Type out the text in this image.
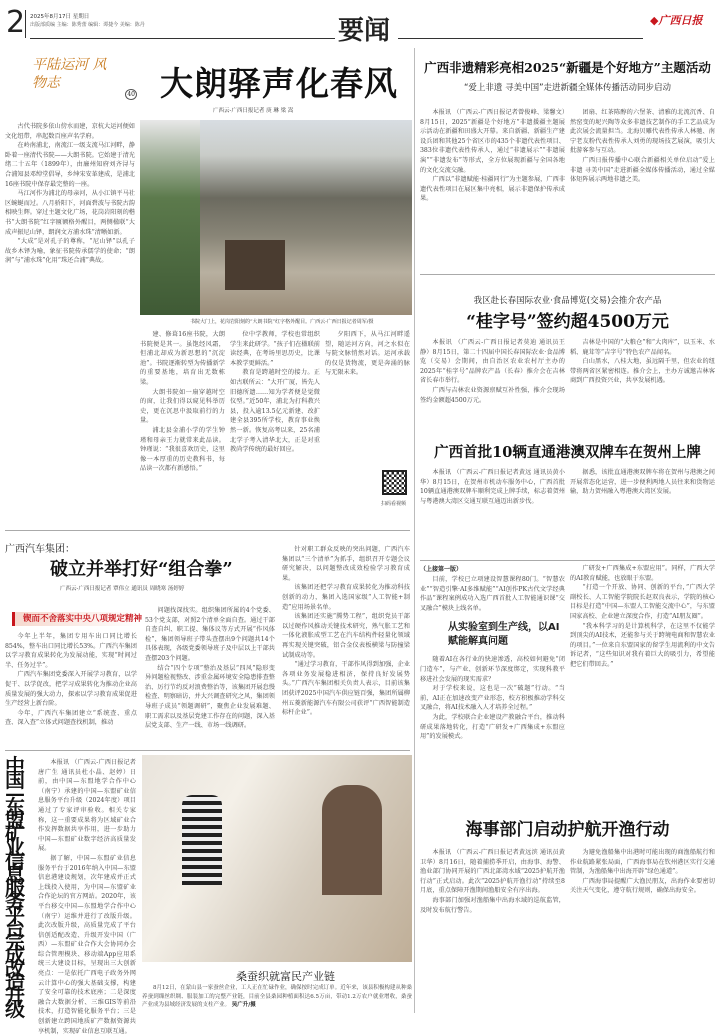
2 2025年8月17日 星期日
出版部质编 主编：陈秀蕾 编辑：谭捷今 美编：陈丹	要闻	◆广西日报
平陆运河 风物志
40 大朗驿声化春风
广西云-广西日报记者 庚 琳 梁 嵩

古代书院多依山傍水而建，京杭大运河便如文化纽带，串起数百座声名学府。

在岭南浦北，南流江一级支流马江河畔，静卧着一座清代书院——大朗书院。它始建于清光绪二十五年（1899年），由廉州知府刘齐浔与合浦知县邓绰堂倡导，乡绅宋安革建成，是浦北16座书院中保存最完整的一座。

马江河作为浦北的母亲河，从小江镇平马社区蜿蜒而过。八月骄阳下，河面碧波与书院古韵相映生辉。穿过主题文化广场，花岗岩阳刻的楷书“大朗书院”红字匾额格外醒目，两侧楹联“大成声振尼山铎，朗润文方浦水珠”清晰如新。

“大成”是对孔子的尊称，“尼山铎”以孔子故乡木铎为喻，象征书院传承儒学的使命；“朗润”与“浦水珠”化用“珠还合浦”典故。

书院大门上，花岗岩阳刻的“大朗书院”红字格外醒目。广西云-广西日报记者周军/摄

建、修葺16座书院，大朗书院便是其一。虽饱经风霜，但浦北却成为新思想的“沉淀池”。书院逐渐转型为传播新学的重要基地，培育出无数栋梁。

大朗书院如一扇穿越时空的窗，让我们得以窥见科举历史，更在沉思中汲取前行的力量。

浦北县金浦小学的学生钟瑾和母亲王力就常来此品读。钟瑾说：“我很喜欢历史，这里像一本厚重的历史教科书，每品读一次都有新感悟。”

位中学教师，学校也常组织学生来此研学。“孩子们在楹联前读经典，在考场里思历史，比课本教学更鲜活。”

教育是跨越时空的接力。正如古联所云：“大开广厦，皆先人旧德所遗……知为学者便是觉微仪型。”近50年，浦北为打科教兴县，投入逾13.5亿元新建、改扩建全县395所学校，教育事业焕然一新。恢复高考以来，25名浦北学子考入清华北大，正是对重教尚学传统的最好回应。

夕阳西下，从马江河畔遥望，随运河方向，河之水似在与院文脉悄然对话。运河承载的仅是货物流，更是奔涌的脉与无限未来。

扫码看视频
广西非遗精彩亮相2025“新疆是个好地方”主题活动
“爱上非遗 寻美中国”走进新疆全媒体传播活动同步启动

本报讯 （广西云-广西日报记者曾俊峰、梁馨文）8月15日，2025“新疆是个好地方”非遗援疆主题展示活动在新疆和田盛大开幕。来自新疆、新疆生产建设兵团和其他25个省区市的435个非遗代表性项目、383位非遗代表性传承人，通过“非遗展示”“非遗展演”“非遗发布”等形式，全方位展现新疆与全国各地的文化交流交融。

广西以“非遗赋能·桂疆同行”为主题参展，广西非遗代表性项目在展区集中亮相，展示非遗保护传承成果。

团扇、红茶陈醇的六堡茶、清雅的北流沉香、自然窑变的坭兴陶等众多非遗技艺制作的手工艺品成为此次展会流量担当。北海贝雕代表性传承人林驰、南宁老友粉代表性传承人刘勇的现场技艺展演，吸引大批游客参与互动。

广西日报传播中心联合新疆相关单位启动“爱上非遗 寻美中国”走进新疆全媒体传播活动，通过全媒体矩阵展示两地非遗之美。

我区赴长春国际农业·食品博览(交易)会推介农产品
“桂字号”签约超4500万元

本报讯 （广西云-广西日报记者莫迪 通讯员王静）8月15日，第二十四届中国长春国际农业·食品博览（交易）会期间，由自治区农业农村厅主办的2025年“桂字号”品牌农产品（长春）推介会在吉林省长春市举行。

广西与吉林农业资源禀赋互补性强，推介会现场签约金额超4500万元。

吉林是中国的“大粮仓”和“大肉库”，以玉米、水稻、鹿茸等“吉字号”特色农产品闻名。

白山黑水，八桂大地，虽远隔千里，但农业的纽带将两省区紧密相连。推介会上，主办方诚邀吉林客商到广西投资兴业，共享发展机遇。

广西首批10辆直通港澳双牌车在贺州上牌

本报讯 （广西云-广西日报记者黄远 通讯员黄小华）8月15日，在贺州市机动车服务中心，广西首批10辆直通港澳双牌车顺利完成上牌手续，标志着贺州与粤港澳大湾区交通互联互通迈出新步伐。

据悉，该批直通港澳双牌车将在贺州与港澳之间开展常态化运营，进一步便利两地人员往来和货物运输，助力贺州融入粤港澳大湾区发展。

（上接第一版）
目前，学校已立项建设智慧课程80门。“智慧农业”“智造引擎·AI多维赋能”“AI创作PK古代文学经典作品”课程案例成功入选广西首批人工智能通识课“交叉融合”模块上线名单。
从实验室到生产线，以AI赋能解真问题

随着AI在各行业的快速渗透，高校如何避免“闭门造车”，与产业、创新环节深度绑定，实现科教平移进社会发展的现实需求？

对于学校来说，这也是一次“破题”行动。“当前，AI正在加速改变产业形态，校方积极推动学科交叉融合，将AI技术融入人才培养全过程。”

为此，学校联合企业建设产教融合平台，推动科研成果落地转化，打造“广研发+广西集成+东盟应用”的发展模式。

广研发+广西集成+东盟应用”。同样，广西大学的AI教育赋能，也放眼于东盟。

“打造一个开放、协同、创新的平台，”广西大学副校长、人工智能学院院长赵双良表示，学院的核心目标是打造“中国—东盟人工智能交流中心”，与东盟国家高校、企业建立深度合作，打造“AI朋友圈”。

“我本科学习的是计算机科学，在这里不仅能学到顶尖的AI技术，还能参与关于跨境电商和智慧农业的项目。”一位来自东盟国家的留学生用流利的中文告诉记者，“这些知识对我有着巨大的吸引力，希望能把它们带回去。”

海事部门启动护航开渔行动

本报讯 （广西云-广西日报记者黄远滨 通讯员黄卫华）8月16日，随着捕捞季开启，由海事、海警、渔业部门协同开展的广西北部湾水域“2025护航开渔行动”正式启动。此次“2025护航开渔行动”持续至8月底，重点保障开渔期间渔船安全有序出海。

海事部门加强对渔船集中出海水域的巡航监管，及时发布航行警告。

为避免渔船集中出港时可能出现的商渔船航行和作业航路紧张局面，广西海事局在钦州港区实行交通管制，为渔船集中出海开辟“绿色通道”。

广西海事局提醒广大渔民朋友，出海作业要密切关注天气变化，遵守航行规则，确保出海安全。

广西汽车集团：
破立并举打好“组合拳”
广西云-广西日报记者 覃伟立 通讯员 周晓寒 汤婷婷
锲而不舍落实中央八项规定精神

今年上半年，集团专用车出口同比增长854%，整车出口同比增长53%。广西汽车集团以学习教育成果转化为发展动能，实现“时间过半、任务过半”。

广西汽车集团党委深入开展学习教育，以学促干、以学促改，把学习成果转化为推动企业高质量发展的强大动力，探索以学习教育成果促进生产经营上新台阶。

今年，广西汽车集团建立“系统查、重点查、深入查”立体式问题查找机制，推动

问题找深找实。组织集团所属的4个党委、53个党支部，对照2个清单全面自查。通过干部自查自纠、职工提、集体议等方式开展“作风体检”，集团领导班子带头查摆出9个问题共14个具体表现，各级党委领导班子及中层以上干部共查摆203个问题。

结合“四个专项”整治及基层“四风”隐形变异问题检视整改、涉重金属环境安全隐患排查整治、厉行节约反对浪费整治等，该集团开展怠慢检查、明察暗访，并大兴调查研究之风，集团领导班子成员“领题调研”，聚焦企业发展难题、职工需求以及基层党建工作存在的问题，深入基层党支部、生产一线、市场一线调研。

针对职工群众反映的突出问题，广西汽车集团以“三个清单”为抓手，组织召开专题会议研究解决，以问题整改成效检验学习教育成果。

该集团还把学习教育成果转化为推动科技创新的动力，集团入选国家级“人工智能+制造”应用场景名单。

该集团还实施“腾势工程”，组织党员干部以过硬作风推动关键技术研究，熟气胀工艺和一体化液胀成型工艺在汽车结构件轻量化领域再实现关键突破，铝合金仪表板横梁与防撞梁试制成功等。

“通过学习教育，干部作风得到加强，企业各项业务发展稳进相济，保持良好发展势头。”广西汽车集团相关负责人表示，目前该集团获评2025中国汽车供应链百强，集团所属柳州五菱新能源汽车有限公司获评“广西智能制造标杆企业”。

中国—东盟矿业信息服务平台完成改造升级

本报讯 （广西云-广西日报记者唐广生 通讯员杜小晶、赵婷）日前，由中国—东盟地学合作中心（南宁）承建的中国—东盟矿业信息服务平台升级（2024年度）项目通过了专家评审验收。相关专家称，这一重要成果将为区域矿业合作发挥数据共享作用，进一步助力中国—东盟矿业数字经济高质量发展。

据了解，中国—东盟矿业信息服务平台于2016年纳入中国—东盟信息港建设规划，次年建成并正式上线投入使用，为中国—东盟矿业合作论坛的官方网站。2020年，该平台移交中国—东盟地学合作中心（南宁）运维并进行了改版升级。此次改版升级，高质量完成了平台信创适配改造、升级开发中国（广西）—东盟矿业合作大会协同办会综合管理模块、移动端App应用系统三大建设目标，呈现出三大创新亮点：一是依托广西电子政务外网云计算中心的强大基础支撑，构建了安全可靠的技术底座；二是深度融合大数据分析、三维GIS等前沿技术，打造智能化服务平台；三是创新建立跨国地质矿产数据资源共享机制，实现矿业信息互联互通。

桑蚕织就富民产业链
8月12日，在蒙山县一家蚕丝企业，工人正在忙碌作业，确保按时完成订单。近年来，该县积极构建从种桑养蚕到缫丝织绸、服装加工的完整产业链，目前全县桑园种植面积达6.5万亩，带动1.2万农户就业增收，桑蚕产业成为县域经济发展的支柱产业。 吴广升/摄
